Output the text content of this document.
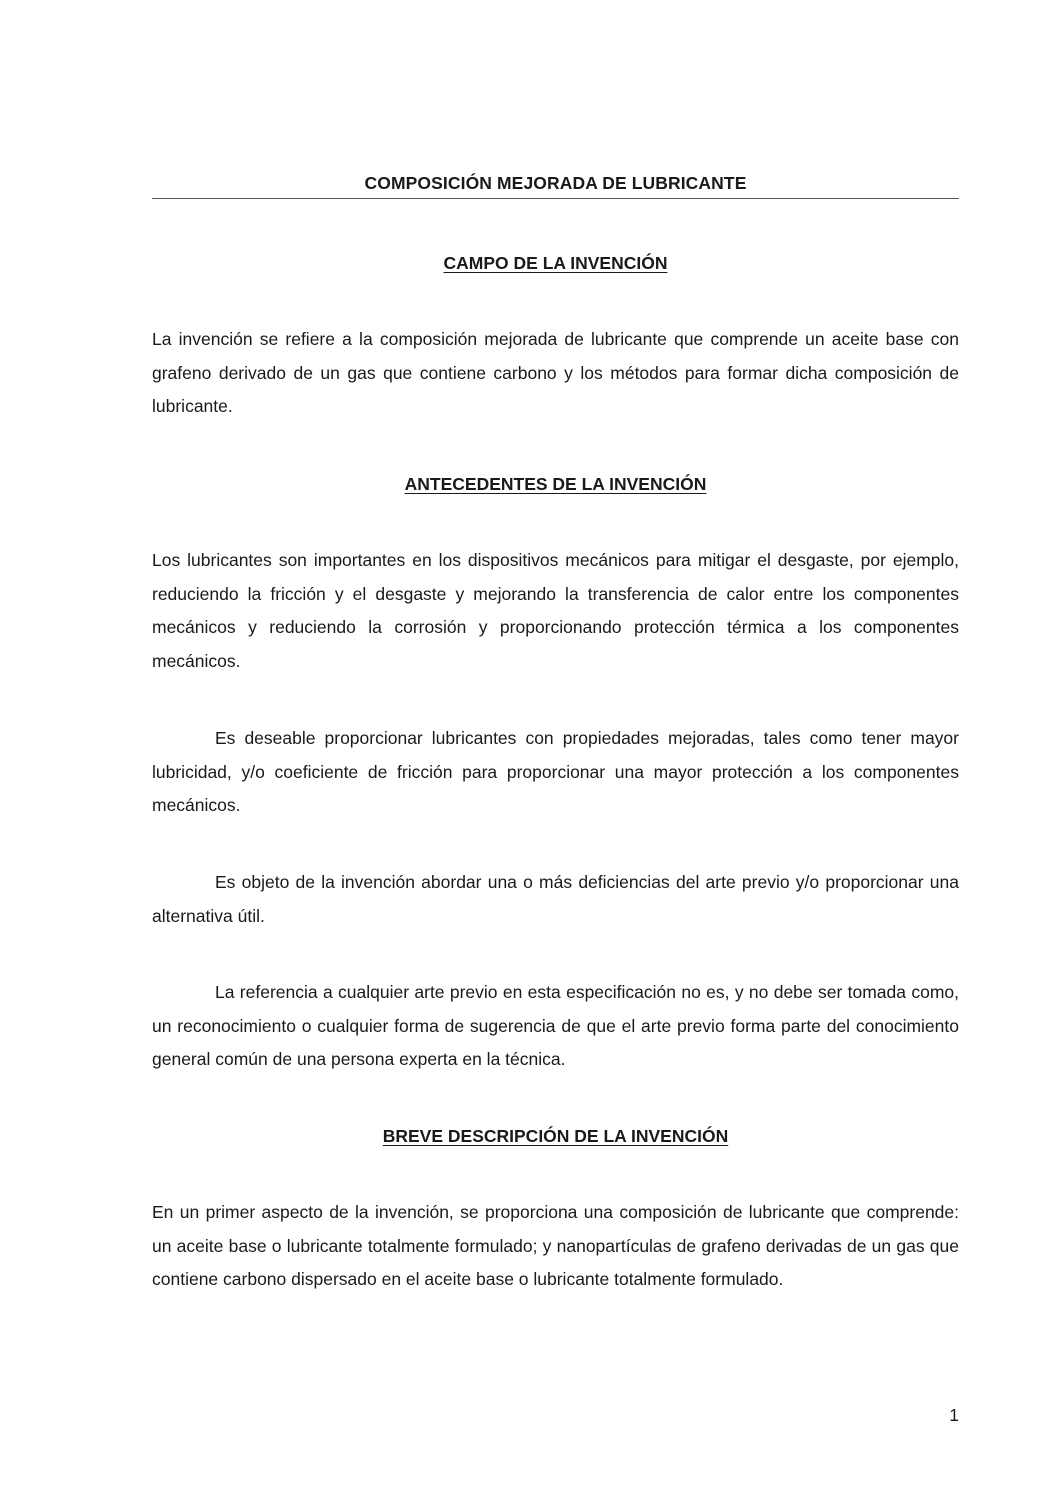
COMPOSICIÓN MEJORADA DE LUBRICANTE
CAMPO DE LA INVENCIÓN

La invención se refiere a la composición mejorada de lubricante que comprende un aceite base con grafeno derivado de un gas que contiene carbono y los métodos para formar dicha composición de lubricante.

ANTECEDENTES DE LA INVENCIÓN

Los lubricantes son importantes en los dispositivos mecánicos para mitigar el desgaste, por ejemplo, reduciendo la fricción y el desgaste y mejorando la transferencia de calor entre los componentes mecánicos y reduciendo la corrosión y proporcionando protección térmica a los componentes mecánicos.

Es deseable proporcionar lubricantes con propiedades mejoradas, tales como tener mayor lubricidad, y/o coeficiente de fricción para proporcionar una mayor protección a los componentes mecánicos.

Es objeto de la invención abordar una o más deficiencias del arte previo y/o proporcionar una alternativa útil.

La referencia a cualquier arte previo en esta especificación no es, y no debe ser tomada como, un reconocimiento o cualquier forma de sugerencia de que el arte previo forma parte del conocimiento general común de una persona experta en la técnica.

BREVE DESCRIPCIÓN DE LA INVENCIÓN

En un primer aspecto de la invención, se proporciona una composición de lubricante que comprende: un aceite base o lubricante totalmente formulado; y nanopartículas de grafeno derivadas de un gas que contiene carbono dispersado en el aceite base o lubricante totalmente formulado.

1
